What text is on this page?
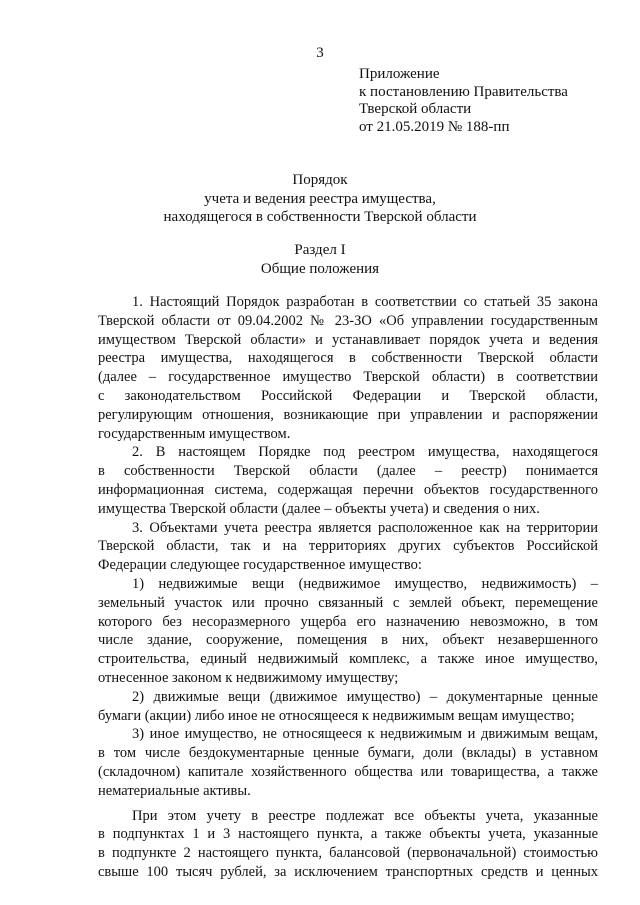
3
Приложение
к постановлению Правительства
Тверской области
от 21.05.2019 № 188-пп
Порядок
учета и ведения реестра имущества,
находящегося в собственности Тверской области
Раздел I
Общие положения
1. Настоящий Порядок разработан в соответствии со статьей 35 закона
Тверской области от 09.04.2002 № 23-ЗО «Об управлении государственным
имуществом Тверской области» и устанавливает порядок учета и ведения
реестра имущества, находящегося в собственности Тверской области
(далее – государственное имущество Тверской области) в соответствии
с законодательством Российской Федерации и Тверской области,
регулирующим отношения, возникающие при управлении и распоряжении
государственным имуществом.
2. В настоящем Порядке под реестром имущества, находящегося
в собственности Тверской области (далее – реестр) понимается
информационная система, содержащая перечни объектов государственного
имущества Тверской области (далее – объекты учета) и сведения о них.
3. Объектами учета реестра является расположенное как на территории
Тверской области, так и на территориях других субъектов Российской
Федерации следующее государственное имущество:
1) недвижимые вещи (недвижимое имущество, недвижимость) –
земельный участок или прочно связанный с землей объект, перемещение
которого без несоразмерного ущерба его назначению невозможно, в том
числе здание, сооружение, помещения в них, объект незавершенного
строительства, единый недвижимый комплекс, а также иное имущество,
отнесенное законом к недвижимому имуществу;
2) движимые вещи (движимое имущество) – документарные ценные
бумаги (акции) либо иное не относящееся к недвижимым вещам имущество;
3) иное имущество, не относящееся к недвижимым и движимым вещам,
в том числе бездокументарные ценные бумаги, доли (вклады) в уставном
(складочном) капитале хозяйственного общества или товарищества, а также
нематериальные активы.
При этом учету в реестре подлежат все объекты учета, указанные
в подпунктах 1 и 3 настоящего пункта, а также объекты учета, указанные
в подпункте 2 настоящего пункта, балансовой (первоначальной) стоимостью
свыше 100 тысяч рублей, за исключением транспортных средств и ценных
